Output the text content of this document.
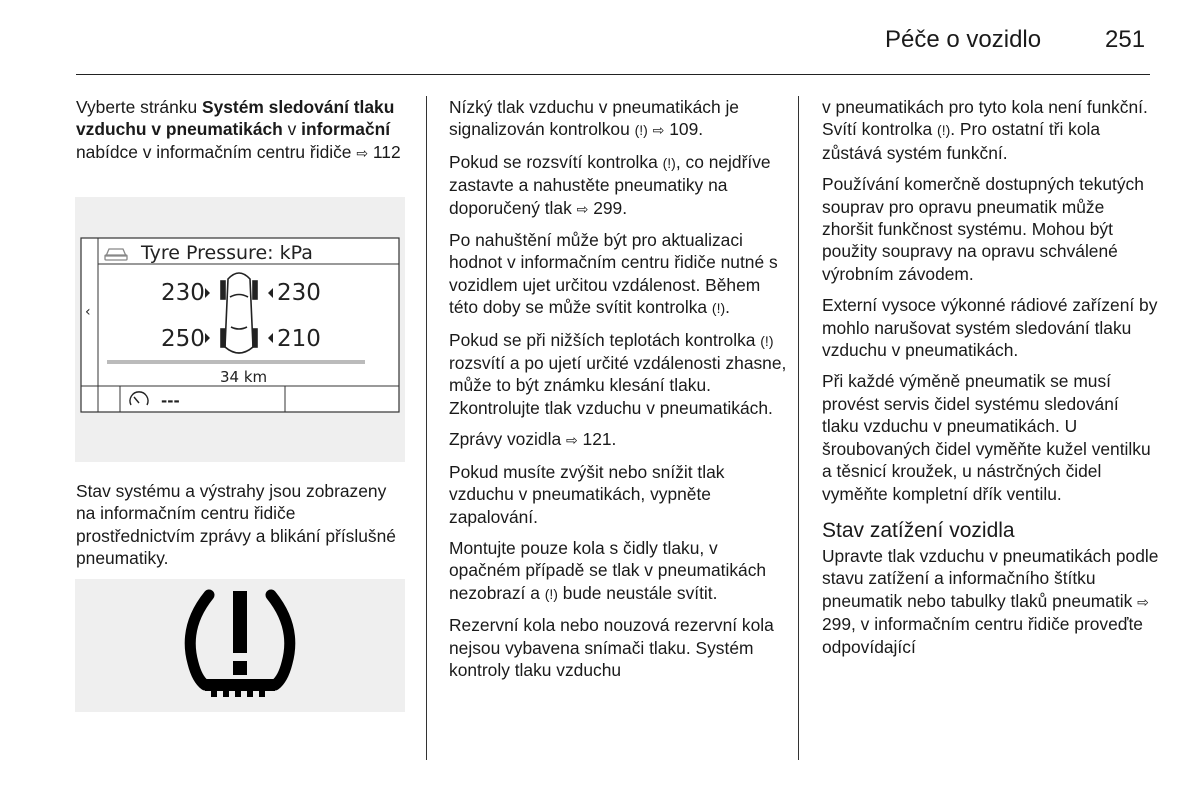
Péče o vozidlo	251

Vyberte stránku Systém sledování tlaku vzduchu v pneumatikách v informační nabídce v informačním centru řidiče ⇨ 112

‹
Tyre Pressure: kPa
230	230
250	210
34 km
---

Stav systému a výstrahy jsou zobrazeny na informačním centru řidiče prostřednictvím zprávy a blikání příslušné pneumatiky.

Nízký tlak vzduchu v pneumatikách je signalizován kontrolkou (!) ⇨ 109.

Pokud se rozsvítí kontrolka (!), co nejdříve zastavte a nahustěte pneumatiky na doporučený tlak ⇨ 299.

Po nahuštění může být pro aktualizaci hodnot v informačním centru řidiče nutné s vozidlem ujet určitou vzdálenost. Během této doby se může svítit kontrolka (!).

Pokud se při nižších teplotách kontrolka (!) rozsvítí a po ujetí určité vzdálenosti zhasne, může to být známku klesání tlaku. Zkontrolujte tlak vzduchu v pneumatikách.

Zprávy vozidla ⇨ 121.

Pokud musíte zvýšit nebo snížit tlak vzduchu v pneumatikách, vypněte zapalování.

Montujte pouze kola s čidly tlaku, v opačném případě se tlak v pneumatikách nezobrazí a (!) bude neustále svítit.

Rezervní kola nebo nouzová rezervní kola nejsou vybavena snímači tlaku. Systém kontroly tlaku vzduchu

v pneumatikách pro tyto kola není funkční. Svítí kontrolka (!). Pro ostatní tři kola zůstává systém funkční.

Používání komerčně dostupných tekutých souprav pro opravu pneumatik může zhoršit funkčnost systému. Mohou být použity soupravy na opravu schválené výrobním závodem.

Externí vysoce výkonné rádiové zařízení by mohlo narušovat systém sledování tlaku vzduchu v pneumatikách.

Při každé výměně pneumatik se musí provést servis čidel systému sledování tlaku vzduchu v pneumatikách. U šroubovaných čidel vyměňte kužel ventilku a těsnicí kroužek, u nástrčných čidel vyměňte kompletní dřík ventilu.

Stav zatížení vozidla

Upravte tlak vzduchu v pneumatikách podle stavu zatížení a informačního štítku pneumatik nebo tabulky tlaků pneumatik ⇨ 299, v informačním centru řidiče proveďte odpovídající
